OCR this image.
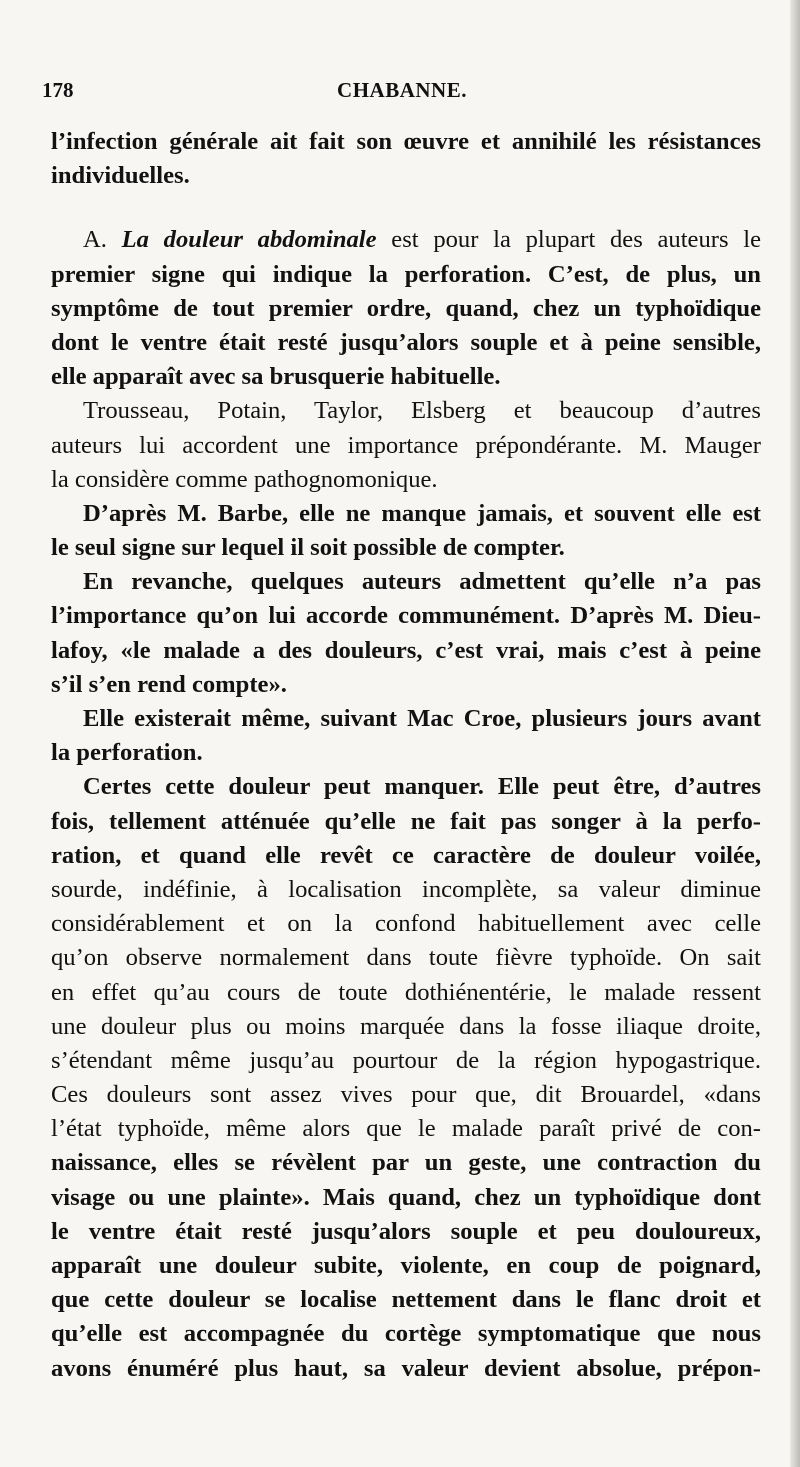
178	CHABANNE.
l’infection générale ait fait son œuvre et annihilé les résistances
individuelles.
A. La douleur abdominale est pour la plupart des auteurs le
premier signe qui indique la perforation. C’est, de plus, un
symptôme de tout premier ordre, quand, chez un typhoïdique
dont le ventre était resté jusqu’alors souple et à peine sensible,
elle apparaît avec sa brusquerie habituelle.
Trousseau, Potain, Taylor, Elsberg et beaucoup d’autres
auteurs lui accordent une importance prépondérante. M. Mauger
la considère comme pathognomonique.
D’après M. Barbe, elle ne manque jamais, et souvent elle est
le seul signe sur lequel il soit possible de compter.
En revanche, quelques auteurs admettent qu’elle n’a pas
l’importance qu’on lui accorde communément. D’après M. Dieu-
lafoy, «le malade a des douleurs, c’est vrai, mais c’est à peine
s’il s’en rend compte».
Elle existerait même, suivant Mac Croe, plusieurs jours avant
la perforation.
Certes cette douleur peut manquer. Elle peut être, d’autres
fois, tellement atténuée qu’elle ne fait pas songer à la perfo-
ration, et quand elle revêt ce caractère de douleur voilée,
sourde, indéfinie, à localisation incomplète, sa valeur diminue
considérablement et on la confond habituellement avec celle
qu’on observe normalement dans toute fièvre typhoïde. On sait
en effet qu’au cours de toute dothiénentérie, le malade ressent
une douleur plus ou moins marquée dans la fosse iliaque droite,
s’étendant même jusqu’au pourtour de la région hypogastrique.
Ces douleurs sont assez vives pour que, dit Brouardel, «dans
l’état typhoïde, même alors que le malade paraît privé de con-
naissance, elles se révèlent par un geste, une contraction du
visage ou une plainte». Mais quand, chez un typhoïdique dont
le ventre était resté jusqu’alors souple et peu douloureux,
apparaît une douleur subite, violente, en coup de poignard,
que cette douleur se localise nettement dans le flanc droit et
qu’elle est accompagnée du cortège symptomatique que nous
avons énuméré plus haut, sa valeur devient absolue, prépon-
